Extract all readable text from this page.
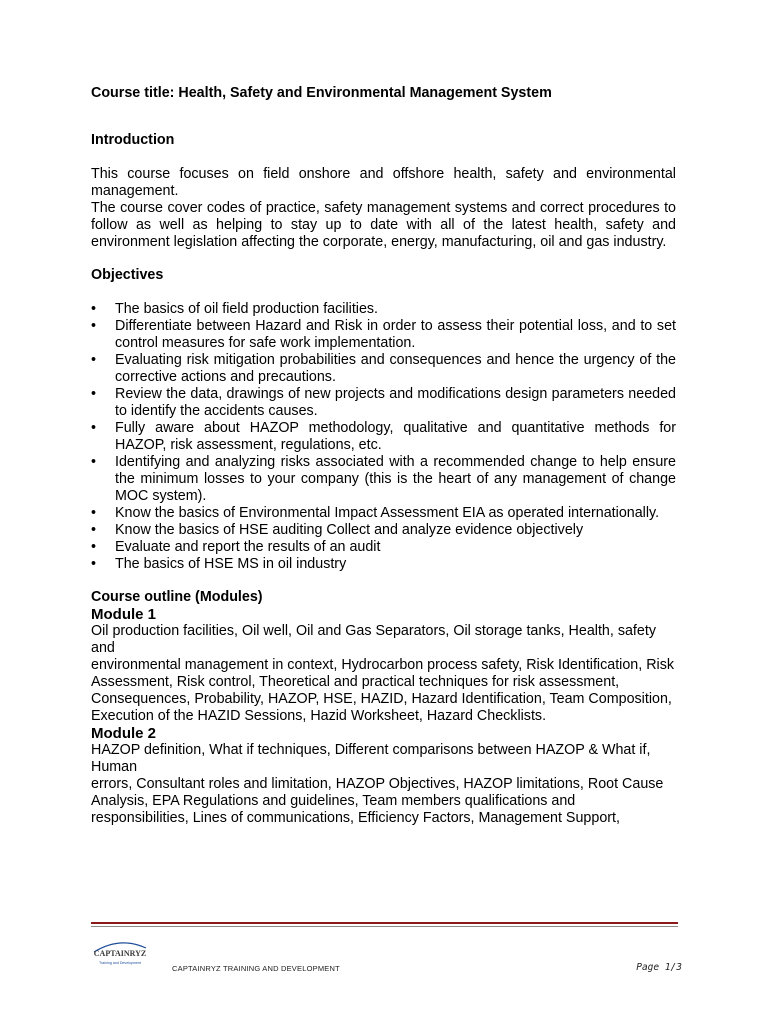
Course title: Health, Safety and Environmental Management System

Introduction

This course focuses on field onshore and offshore health, safety and environmental management.

The course cover codes of practice, safety management systems and correct procedures to follow as well as helping to stay up to date with all of the latest health, safety and environment legislation affecting the corporate, energy, manufacturing, oil and gas industry.

Objectives

• The basics of oil field production facilities.
• Differentiate between Hazard and Risk in order to assess their potential loss, and to set control measures for safe work implementation.
• Evaluating risk mitigation probabilities and consequences and hence the urgency of the corrective actions and precautions.
• Review the data, drawings of new projects and modifications design parameters needed to identify the accidents causes.
• Fully aware about HAZOP methodology, qualitative and quantitative methods for HAZOP, risk assessment, regulations, etc.
• Identifying and analyzing risks associated with a recommended change to help ensure the minimum losses to your company (this is the heart of any management of change MOC system).
• Know the basics of Environmental Impact Assessment EIA as operated internationally.
• Know the basics of HSE auditing Collect and analyze evidence objectively
• Evaluate and report the results of an audit
• The basics of HSE MS in oil industry

Course outline (Modules)

Module 1

Oil production facilities, Oil well, Oil and Gas Separators, Oil storage tanks, Health, safety and

environmental management in context, Hydrocarbon process safety, Risk Identification, Risk Assessment, Risk control, Theoretical and practical techniques for risk assessment, Consequences, Probability, HAZOP, HSE, HAZID, Hazard Identification, Team Composition, Execution of the HAZID Sessions, Hazid Worksheet, Hazard Checklists.

Module 2

HAZOP definition, What if techniques, Different comparisons between HAZOP & What if, Human

errors, Consultant roles and limitation, HAZOP Objectives, HAZOP limitations, Root Cause Analysis, EPA Regulations and guidelines, Team members qualifications and responsibilities, Lines of communications, Efficiency Factors, Management Support,

CAPTAINRYZ
Training and Development
CAPTAINRYZ TRAINING AND DEVELOPMENT	Page 1/3
